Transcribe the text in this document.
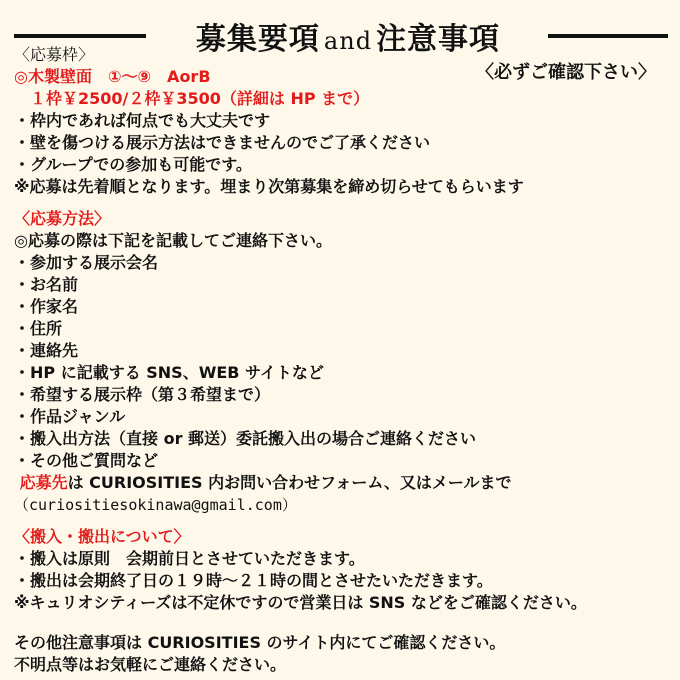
募集要項 and 注意事項
〈必ずご確認下さい〉
〈応募枠〉
◎木製壁面　①〜⑨　AorB
　１枠￥2500/２枠￥3500（詳細は HP まで）
・枠内であれば何点でも大丈夫です
・壁を傷つける展示方法はできませんのでご了承ください
・グループでの参加も可能です。
※応募は先着順となります。埋まり次第募集を締め切らせてもらいます
〈応募方法〉
◎応募の際は下記を記載してご連絡下さい。
・参加する展示会名
・お名前
・作家名
・住所
・連絡先
・HP に記載する SNS、WEB サイトなど
・希望する展示枠（第３希望まで）
・作品ジャンル
・搬入出方法（直接 or 郵送）委託搬入出の場合ご連絡ください
・その他ご質問など
応募先は CURIOSITIES 内お問い合わせフォーム、又はメールまで
（curiositiesokinawa@gmail.com）
〈搬入・搬出について〉
・搬入は原則　会期前日とさせていただきます。
・搬出は会期終了日の１９時〜２１時の間とさせたいただきます。
※キュリオシティーズは不定休ですので営業日は SNS などをご確認ください。
その他注意事項は CURIOSITIES のサイト内にてご確認ください。
不明点等はお気軽にご連絡ください。
